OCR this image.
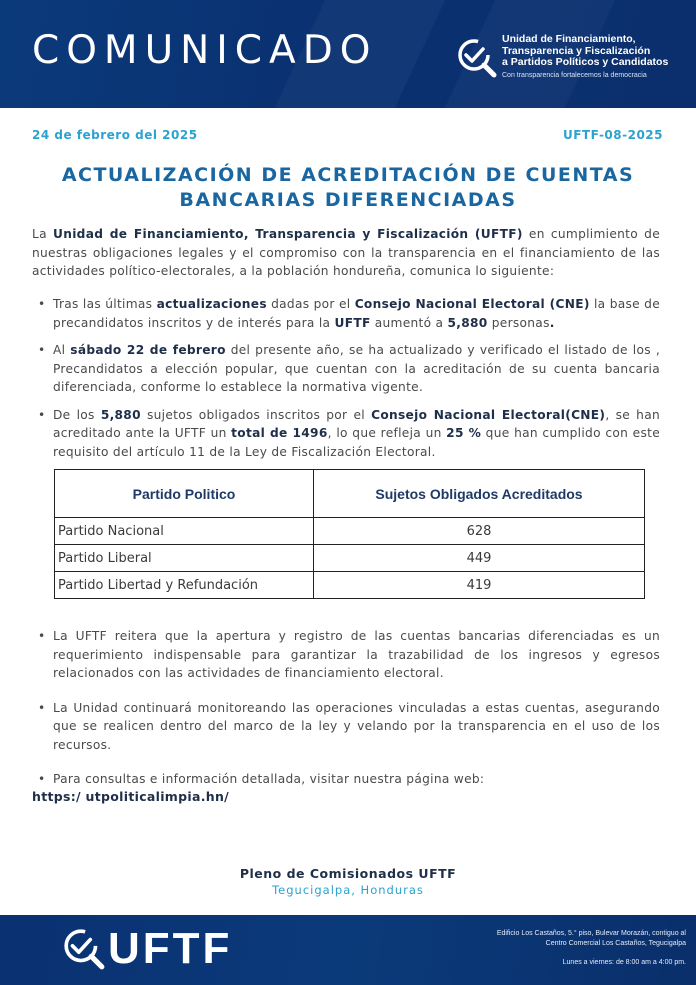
COMUNICADO	Unidad de Financiamiento,
Transparencia y Fiscalización
a Partidos Políticos y Candidatos
Con transparencia fortalecemos la democracia
24 de febrero del 2025	UFTF-08-2025
ACTUALIZACIÓN DE ACREDITACIÓN DE CUENTAS
BANCARIAS DIFERENCIADAS

La Unidad de Financiamiento, Transparencia y Fiscalización (UFTF) en cumplimiento de nuestras obligaciones legales y el compromiso con la transparencia en el financiamiento de las actividades político-electorales, a la población hondureña, comunica lo siguiente:

• Tras las últimas actualizaciones dadas por el Consejo Nacional Electoral (CNE) la base de precandidatos inscritos y de interés para la UFTF aumentó a 5,880 personas.
• Al sábado 22 de febrero del presente año, se ha actualizado y verificado el listado de los , Precandidatos a elección popular, que cuentan con la acreditación de su cuenta bancaria diferenciada, conforme lo establece la normativa vigente.
• De los 5,880 sujetos obligados inscritos por el Consejo Nacional Electoral(CNE), se han acreditado ante la UFTF un total de 1496, lo que refleja un 25 % que han cumplido con este requisito del artículo 11 de la Ley de Fiscalización Electoral.
Partido Politico	Sujetos Obligados Acreditados
Partido Nacional	628
Partido Liberal	449
Partido Libertad y Refundación	419
• La UFTF reitera que la apertura y registro de las cuentas bancarias diferenciadas es un requerimiento indispensable para garantizar la trazabilidad de los ingresos y egresos relacionados con las actividades de financiamiento electoral.
• La Unidad continuará monitoreando las operaciones vinculadas a estas cuentas, asegurando que se realicen dentro del marco de la ley y velando por la transparencia en el uso de los recursos.
• Para consultas e información detallada, visitar nuestra página web:
https:/ utpoliticalimpia.hn/
Pleno de Comisionados UFTF
Tegucigalpa, Honduras
UFTF	Edificio Los Castaños, 5.° piso, Bulevar Morazán, contiguo al
Centro Comercial Los Castaños, Tegucigalpa
Lunes a viernes: de 8:00 am a 4:00 pm.
